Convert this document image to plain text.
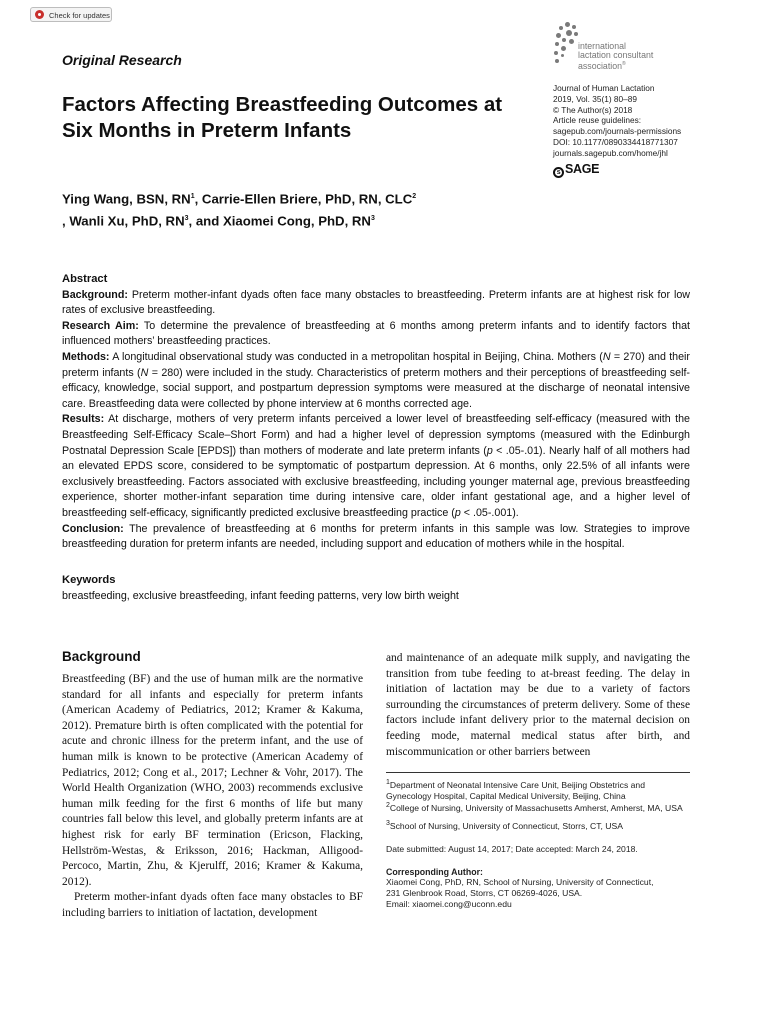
Check for updates
Original Research
Factors Affecting Breastfeeding Outcomes at Six Months in Preterm Infants
Ying Wang, BSN, $RN^1$, Carrie-Ellen Briere, PhD, RN, CLC$^2$
, Wanli Xu, PhD, $RN^3$, and Xiaomei Cong, PhD, $RN^3$
international
lactation consultant
association®
Journal of Human Lactation
2019, Vol. 35(1) 80–89
© The Author(s) 2018
Article reuse guidelines:
sagepub.com/journals-permissions
DOI: 10.1177/0890334418771307
journals.sagepub.com/home/jhl
s SAGE
Abstract

Background: Preterm mother-infant dyads often face many obstacles to breastfeeding. Preterm infants are at highest risk for low rates of exclusive breastfeeding.

Research Aim: To determine the prevalence of breastfeeding at 6 months among preterm infants and to identify factors that influenced mothers’ breastfeeding practices.

Methods: A longitudinal observational study was conducted in a metropolitan hospital in Beijing, China. Mothers (N = 270) and their preterm infants (N = 280) were included in the study. Characteristics of preterm mothers and their perceptions of breastfeeding self-efficacy, knowledge, social support, and postpartum depression symptoms were measured at the discharge of neonatal intensive care. Breastfeeding data were collected by phone interview at 6 months corrected age.

Results: At discharge, mothers of very preterm infants perceived a lower level of breastfeeding self-efficacy (measured with the Breastfeeding Self-Efficacy Scale–Short Form) and had a higher level of depression symptoms (measured with the Edinburgh Postnatal Depression Scale [EPDS]) than mothers of moderate and late preterm infants (p < .05-.01). Nearly half of all mothers had an elevated EPDS score, considered to be symptomatic of postpartum depression. At 6 months, only 22.5% of all infants were exclusively breastfeeding. Factors associated with exclusive breastfeeding, including younger maternal age, previous breastfeeding experience, shorter mother-infant separation time during intensive care, older infant gestational age, and a higher level of breastfeeding self-efficacy, significantly predicted exclusive breastfeeding practice (p < .05-.001).

Conclusion: The prevalence of breastfeeding at 6 months for preterm infants in this sample was low. Strategies to improve breastfeeding duration for preterm infants are needed, including support and education of mothers while in the hospital.

Keywords

breastfeeding, exclusive breastfeeding, infant feeding patterns, very low birth weight

Background

Breastfeeding (BF) and the use of human milk are the normative standard for all infants and especially for preterm infants (American Academy of Pediatrics, 2012; Kramer & Kakuma, 2012). Premature birth is often complicated with the potential for acute and chronic illness for the preterm infant, and the use of human milk is known to be protective (American Academy of Pediatrics, 2012; Cong et al., 2017; Lechner & Vohr, 2017). The World Health Organization (WHO, 2003) recommends exclusive human milk feeding for the first 6 months of life but many countries fall below this level, and globally preterm infants are at highest risk for early BF termination (Ericson, Flacking, Hellström-Westas, & Eriksson, 2016; Hackman, Alligood-Percoco, Martin, Zhu, & Kjerulff, 2016; Kramer & Kakuma, 2012).

Preterm mother-infant dyads often face many obstacles to BF including barriers to initiation of lactation, development

and maintenance of an adequate milk supply, and navigating the transition from tube feeding to at-breast feeding. The delay in initiation of lactation may be due to a variety of factors surrounding the circumstances of preterm delivery. Some of these factors include infant delivery prior to the maternal decision on feeding mode, maternal medical status after birth, and miscommunication or other barriers between

$^1$Department of Neonatal Intensive Care Unit, Beijing Obstetrics and Gynecology Hospital, Capital Medical University, Beijing, China

$^2$College of Nursing, University of Massachusetts Amherst, Amherst, MA, USA

$^3$School of Nursing, University of Connecticut, Storrs, CT, USA

Date submitted: August 14, 2017; Date accepted: March 24, 2018.

Corresponding Author:

Xiaomei Cong, PhD, RN, School of Nursing, University of Connecticut,

231 Glenbrook Road, Storrs, CT 06269-4026, USA.

Email: xiaomei.cong@uconn.edu
